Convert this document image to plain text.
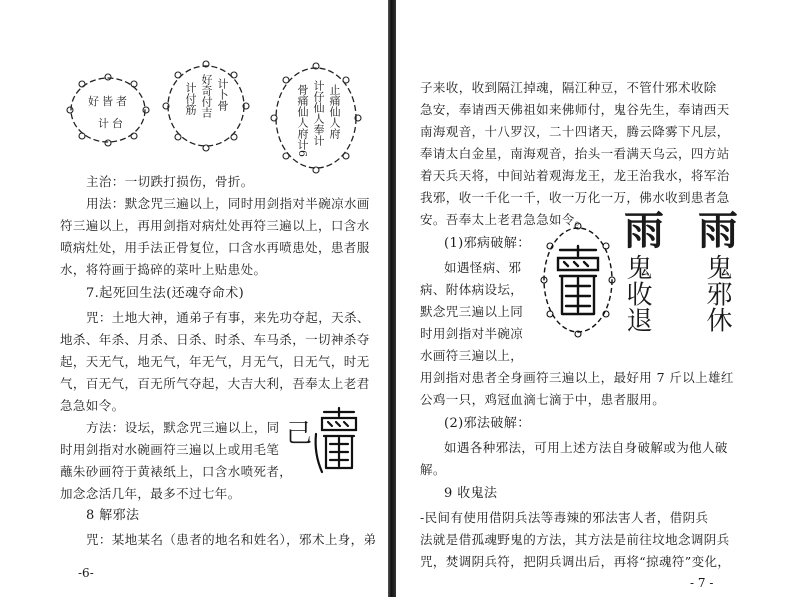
好 皆 者
计 台
计卜骨
好奇付吉
计付筋	止痛仙人府
计仔仙人奉计
骨痛仙人府计6
主治：一切跌打损伤，骨折。
用法：默念咒三遍以上，同时用剑指对半碗凉水画
符三遍以上，再用剑指对病灶处再符三遍以上，口含水
喷病灶处，用手法正骨复位，口含水再喷患处，患者服
水，将符画于捣碎的菜叶上贴患处。
7.起死回生法(还魂夺命术)
咒：土地大神，通弟子有事，来先功夺起，天杀、
地杀、年杀、月杀、日杀、时杀、车马杀，一切神杀夺
起，天无气，地无气，年无气，月无气，日无气，时无
气，百无气，百无所气夺起，大吉大利，吾奉太上老君
急急如令。
方法：设坛，默念咒三遍以上，同
时用剑指对水碗画符三遍以上或用毛笔
蘸朱砂画符于黄裱纸上，口含水喷死者，
加念念活几年，最多不过七年。
己
8 解邪法
咒：某地某名（患者的地名和姓名），邪术上身，弟
-6-
子来收，收到隔江掉魂，隔江种豆，不管什邪术收除
急安，奉请西天佛祖如来佛师付，鬼谷先生，奉请西天
南海观音，十八罗汉，二十四诸天，腾云降雾下凡层，
奉请太白金星，南海观音，抬头一看满天乌云，四方站
着天兵天将，中间站着观海龙王，龙王治我水，将军治
我邪，收一千化一千，收一万化一万，佛水收到患者急
安。吾奉太上老君急急如令。
(1)邪病破解：
如遇怪病、邪
病、附体病设坛，
默念咒三遍以上同
时用剑指对半碗凉
水画符三遍以上，
雨
鬼收退
雨
鬼邪休
用剑指对患者全身画符三遍以上，最好用 7 斤以上雄红
公鸡一只，鸡冠血滴七滴于中，患者服用。
(2)邪法破解：
如遇各种邪法，可用上述方法自身破解或为他人破
解。
9 收鬼法
-民间有使用借阴兵法等毒辣的邪法害人者，借阴兵
法就是借孤魂野鬼的方法，其方法是前往坟地念调阴兵
咒，焚调阴兵符，把阴兵调出后，再将“掠魂符”变化，
- 7 -
